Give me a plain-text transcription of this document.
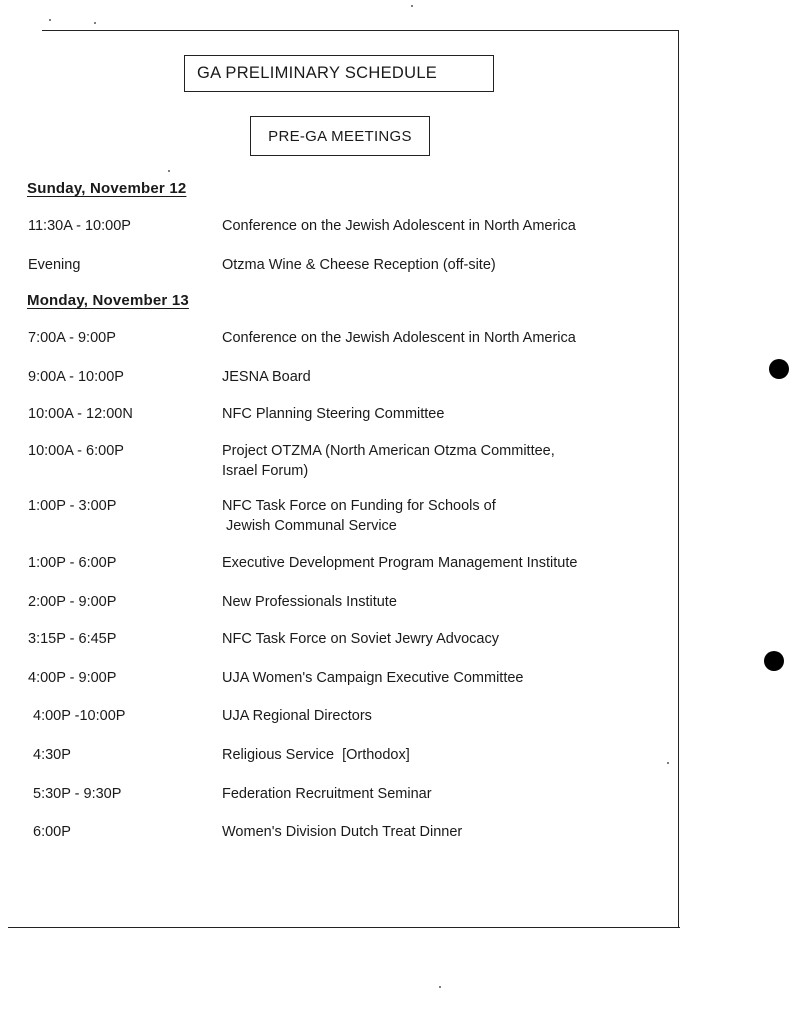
GA PRELIMINARY SCHEDULE
PRE-GA MEETINGS
Sunday, November 12
11:30A - 10:00P	Conference on the Jewish Adolescent in North America
Evening	Otzma Wine & Cheese Reception (off-site)
Monday, November 13
7:00A - 9:00P	Conference on the Jewish Adolescent in North America
9:00A - 10:00P	JESNA Board
10:00A - 12:00N	NFC Planning Steering Committee
10:00A - 6:00P	Project OTZMA (North American Otzma Committee,
Israel Forum)
1:00P - 3:00P	NFC Task Force on Funding for Schools of
Jewish Communal Service
1:00P - 6:00P	Executive Development Program Management Institute
2:00P - 9:00P	New Professionals Institute
3:15P - 6:45P	NFC Task Force on Soviet Jewry Advocacy
4:00P - 9:00P	UJA Women's Campaign Executive Committee
4:00P -10:00P	UJA Regional Directors
4:30P	Religious Service  [Orthodox]
5:30P - 9:30P	Federation Recruitment Seminar
6:00P	Women's Division Dutch Treat Dinner
